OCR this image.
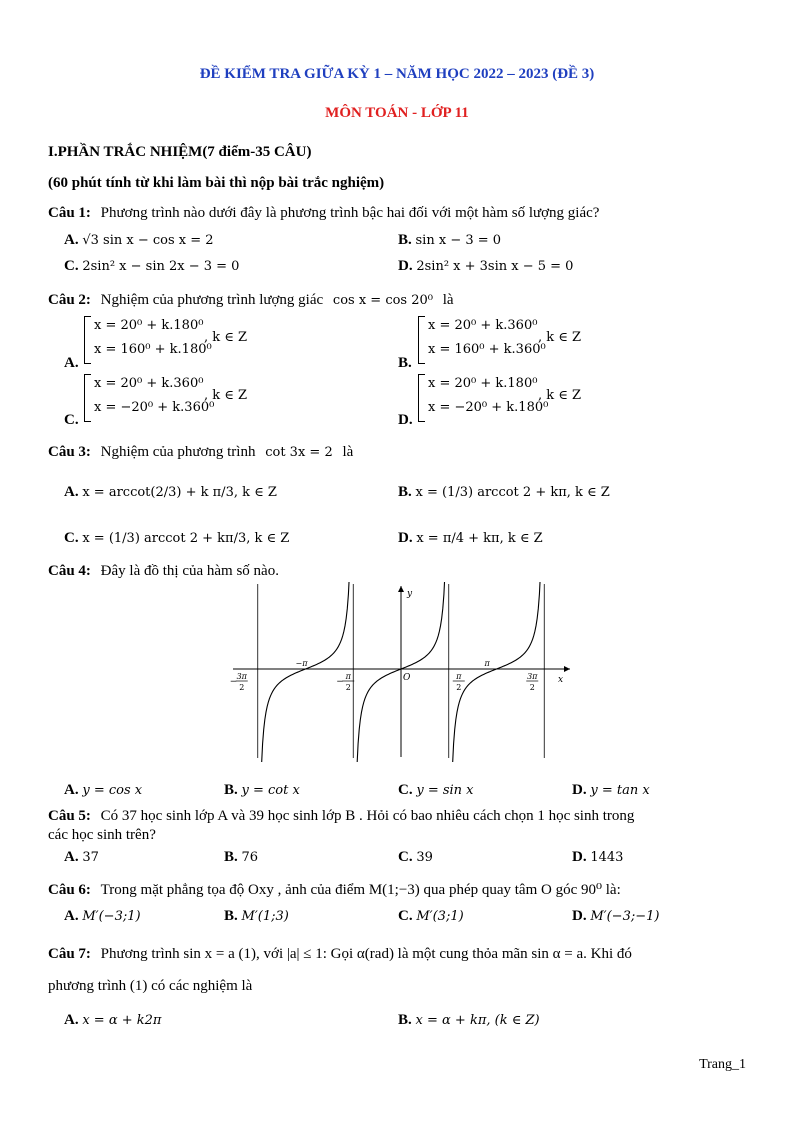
ĐỀ KIỂM TRA GIỮA KỲ 1 – NĂM HỌC 2022 – 2023 (ĐỀ 3)
MÔN TOÁN - LỚP 11
I.PHẦN TRẮC NHIỆM(7 điểm-35 CÂU)
(60 phút tính từ khi làm bài thì nộp bài trắc nghiệm)
Câu 1: Phương trình nào dưới đây là phương trình bậc hai đối với một hàm số lượng giác?
A. √3 sin x − cos x = 2	B. sin x − 3 = 0
C. 2sin² x − sin 2x − 3 = 0	D. 2sin² x + 3sin x − 5 = 0
Câu 2: Nghiệm của phương trình lượng giác cos x = cos 20⁰ là
A.
x = 20⁰ + k.180⁰
x = 160⁰ + k.180⁰
, k ∈ Z
B.
x = 20⁰ + k.360⁰
x = 160⁰ + k.360⁰
, k ∈ Z
C.
x = 20⁰ + k.360⁰
x = −20⁰ + k.360⁰
, k ∈ Z
D.
x = 20⁰ + k.180⁰
x = −20⁰ + k.180⁰
, k ∈ Z
Câu 3: Nghiệm của phương trình cot 3x = 2 là
A. x = arccot(2/3) + k π/3, k ∈ Z	B. x = (1/3) arccot 2 + kπ, k ∈ Z
C. x = (1/3) arccot 2 + kπ/3, k ∈ Z	D. x = π/4 + kπ, k ∈ Z
Câu 4: Đây là đồ thị của hàm số nào.
y
x
−
3π
2
−
π
2
π
2
3π
2
O
−π	π
A. y = cos x	B. y = cot x	C. y = sin x	D. y = tan x
Câu 5: Có 37 học sinh lớp A và 39 học sinh lớp B . Hỏi có bao nhiêu cách chọn 1 học sinh trong
các học sinh trên?
A. 37	B. 76	C. 39	D. 1443
Câu 6: Trong mặt phẳng tọa độ Oxy , ảnh của điểm M(1;−3) qua phép quay tâm O góc 90⁰ là:
A. M′(−3;1)	B. M′(1;3)	C. M′(3;1)	D. M′(−3;−1)
Câu 7: Phương trình sin x = a (1), với |a| ≤ 1: Gọi α(rad) là một cung thỏa mãn sin α = a. Khi đó
phương trình (1) có các nghiệm là
A. x = α + k2π	B. x = α + kπ, (k ∈ Z)
Trang_1
